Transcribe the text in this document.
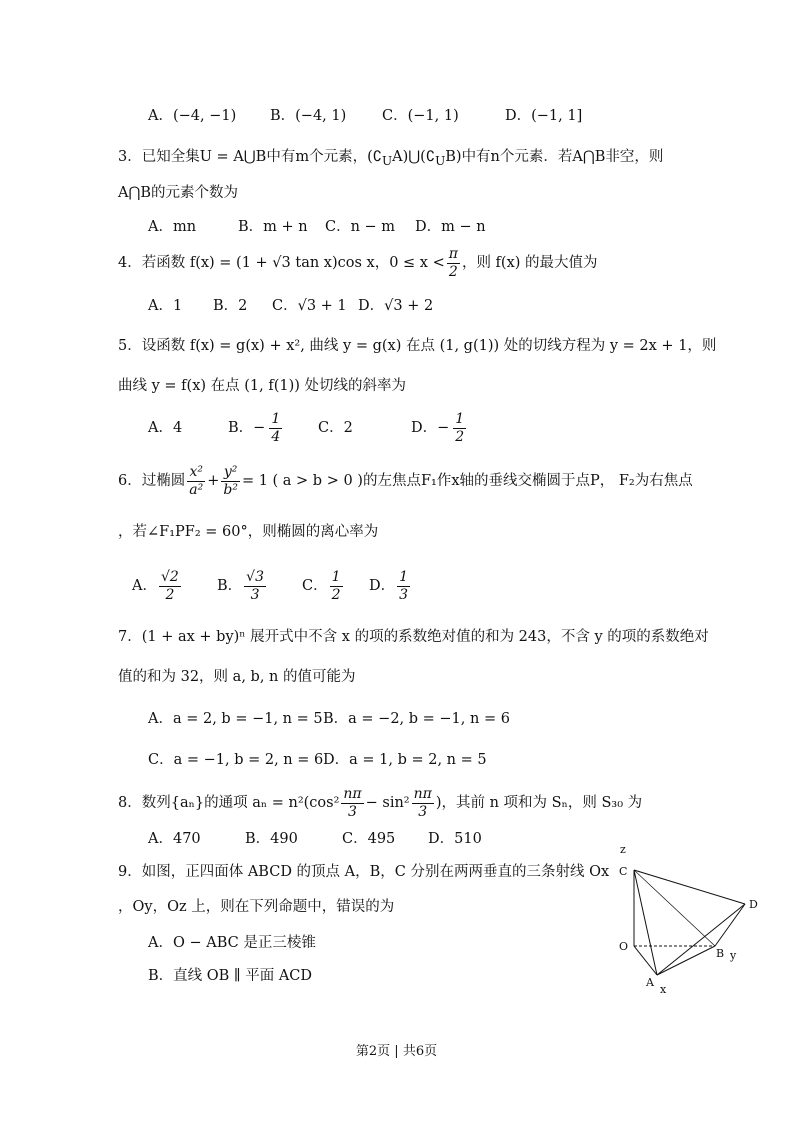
A．(−4, −1) B．(−4, 1) C．(−1, 1)	D．(−1, 1]
3．已知全集U = A⋃B中有m个元素，$(∁_UA)⋃(∁_UB)$中有n个元素．若A⋂B非空，则
A⋂B的元素个数为
A．mn	B．m + n C．n − m D．m − n
4．若函数 f(x) = (1 + √3 tan x)cos x，$0 \le x < \frac{\pi}{2}$ ，则 f(x) 的最大值为
A．1 B．2 C．√3 + 1 D．√3 + 2
5．设函数 f(x) = g(x) + x², 曲线 y = g(x) 在点 (1, g(1)) 处的切线方程为 y = 2x + 1，则
曲线 y = f(x) 在点 (1, f(1)) 处切线的斜率为
A．4	B．− $\frac{1}{4}$ C．2	D．− $\frac{1}{2}$
6．过椭圆 $\frac{\text{x²}}{\text{a²}} + \frac{\text{y²}}{\text{b²}} = 1$ ( a > b > 0 )的左焦点F₁作x轴的垂线交椭圆于点P， F₂为右焦点
，若∠F₁PF₂ = 60°，则椭圆的离心率为
A． $\frac{√2}{2}$ B． $\frac{√3}{3}$ C． $\frac{1}{2}$ D． $\frac{1}{3}$
7．(1 + ax + by)ⁿ 展开式中不含 x 的项的系数绝对值的和为 243，不含 y 的项的系数绝对
值的和为 32，则 a, b, n 的值可能为
A．a = 2, b = −1, n = 5 B．a = −2, b = −1, n = 6
C．a = −1, b = 2, n = 6 D．a = 1, b = 2, n = 5
8．数列{aₙ}的通项 $a_n = n^2(\cos^2 \frac{n\pi}{3} - \sin^2 \frac{n\pi}{3}$ )，其前 n 项和为 Sₙ，则 S₃₀ 为
A．470	B．490	C．495 D．510
9．如图，正四面体 ABCD 的顶点 A，B，C 分别在两两垂直的三条射线 Ox
，Oy，Oz 上，则在下列命题中，错误的为
A．O − ABC 是正三棱锥
B．直线 OB ∥ 平面 ACD
z
C
D
O
B y
A
x
第2页 | 共6页
